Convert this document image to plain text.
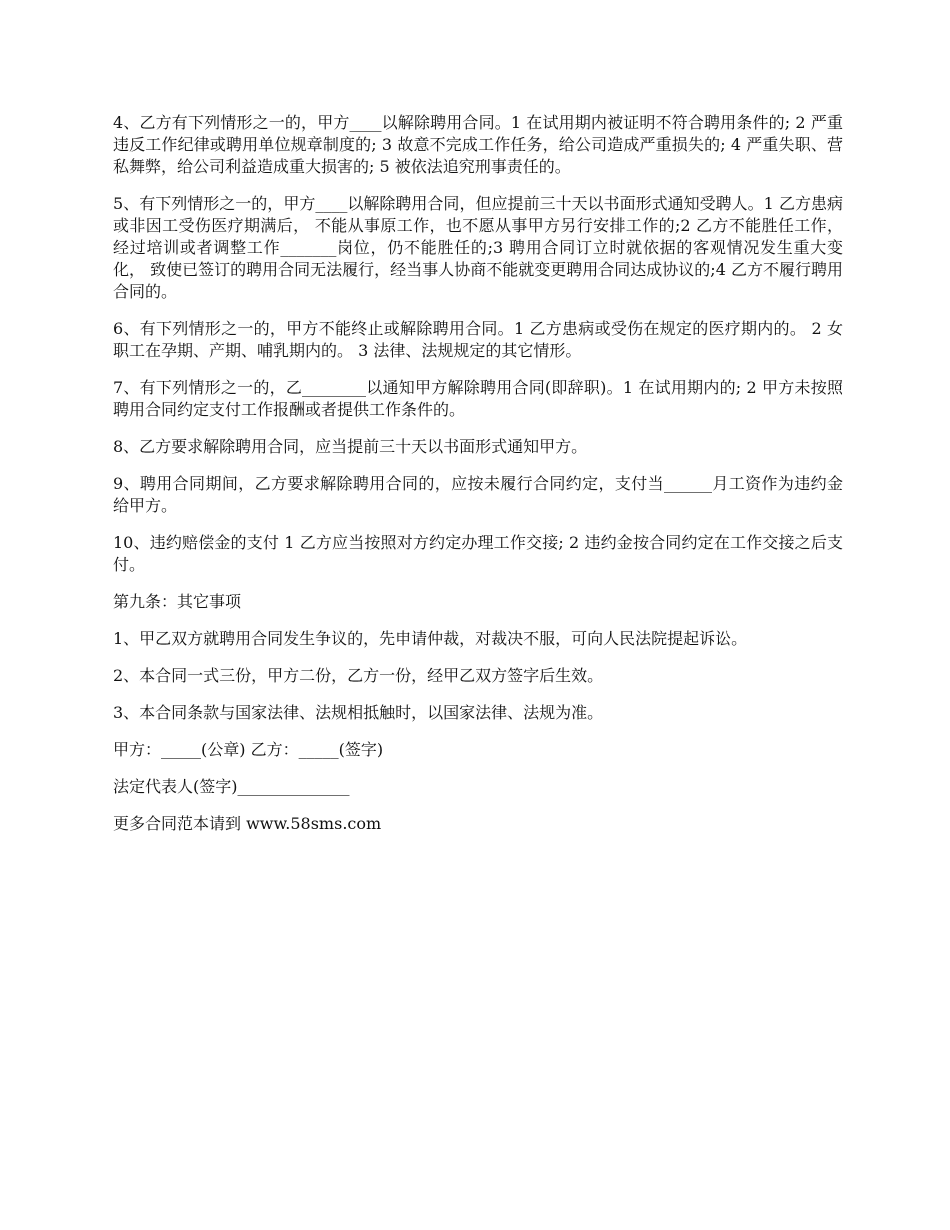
4、乙方有下列情形之一的，甲方____以解除聘用合同。1 在试用期内被证明不符合聘用条件的; 2 严重违反工作纪律或聘用单位规章制度的; 3 故意不完成工作任务，给公司造成严重损失的; 4 严重失职、营私舞弊，给公司利益造成重大损害的; 5 被依法追究刑事责任的。

5、有下列情形之一的，甲方____以解除聘用合同，但应提前三十天以书面形式通知受聘人。1 乙方患病或非因工受伤医疗期满后， 不能从事原工作，也不愿从事甲方另行安排工作的;2 乙方不能胜任工作， 经过培训或者调整工作_______岗位，仍不能胜任的;3 聘用合同订立时就依据的客观情况发生重大变化， 致使已签订的聘用合同无法履行，经当事人协商不能就变更聘用合同达成协议的;4 乙方不履行聘用合同的。

6、有下列情形之一的，甲方不能终止或解除聘用合同。1 乙方患病或受伤在规定的医疗期内的。 2 女职工在孕期、产期、哺乳期内的。 3 法律、法规规定的其它情形。

7、有下列情形之一的，乙________以通知甲方解除聘用合同(即辞职)。1 在试用期内的; 2 甲方未按照聘用合同约定支付工作报酬或者提供工作条件的。

8、乙方要求解除聘用合同，应当提前三十天以书面形式通知甲方。

9、聘用合同期间，乙方要求解除聘用合同的，应按未履行合同约定，支付当______月工资作为违约金给甲方。

10、违约赔偿金的支付 1 乙方应当按照对方约定办理工作交接; 2 违约金按合同约定在工作交接之后支付。

第九条：其它事项

1、甲乙双方就聘用合同发生争议的，先申请仲裁，对裁决不服，可向人民法院提起诉讼。

2、本合同一式三份，甲方二份，乙方一份，经甲乙双方签字后生效。

3、本合同条款与国家法律、法规相抵触时，以国家法律、法规为准。

甲方：_____(公章) 乙方：_____(签字)

法定代表人(签字)______________

更多合同范本请到 www.58sms.com
